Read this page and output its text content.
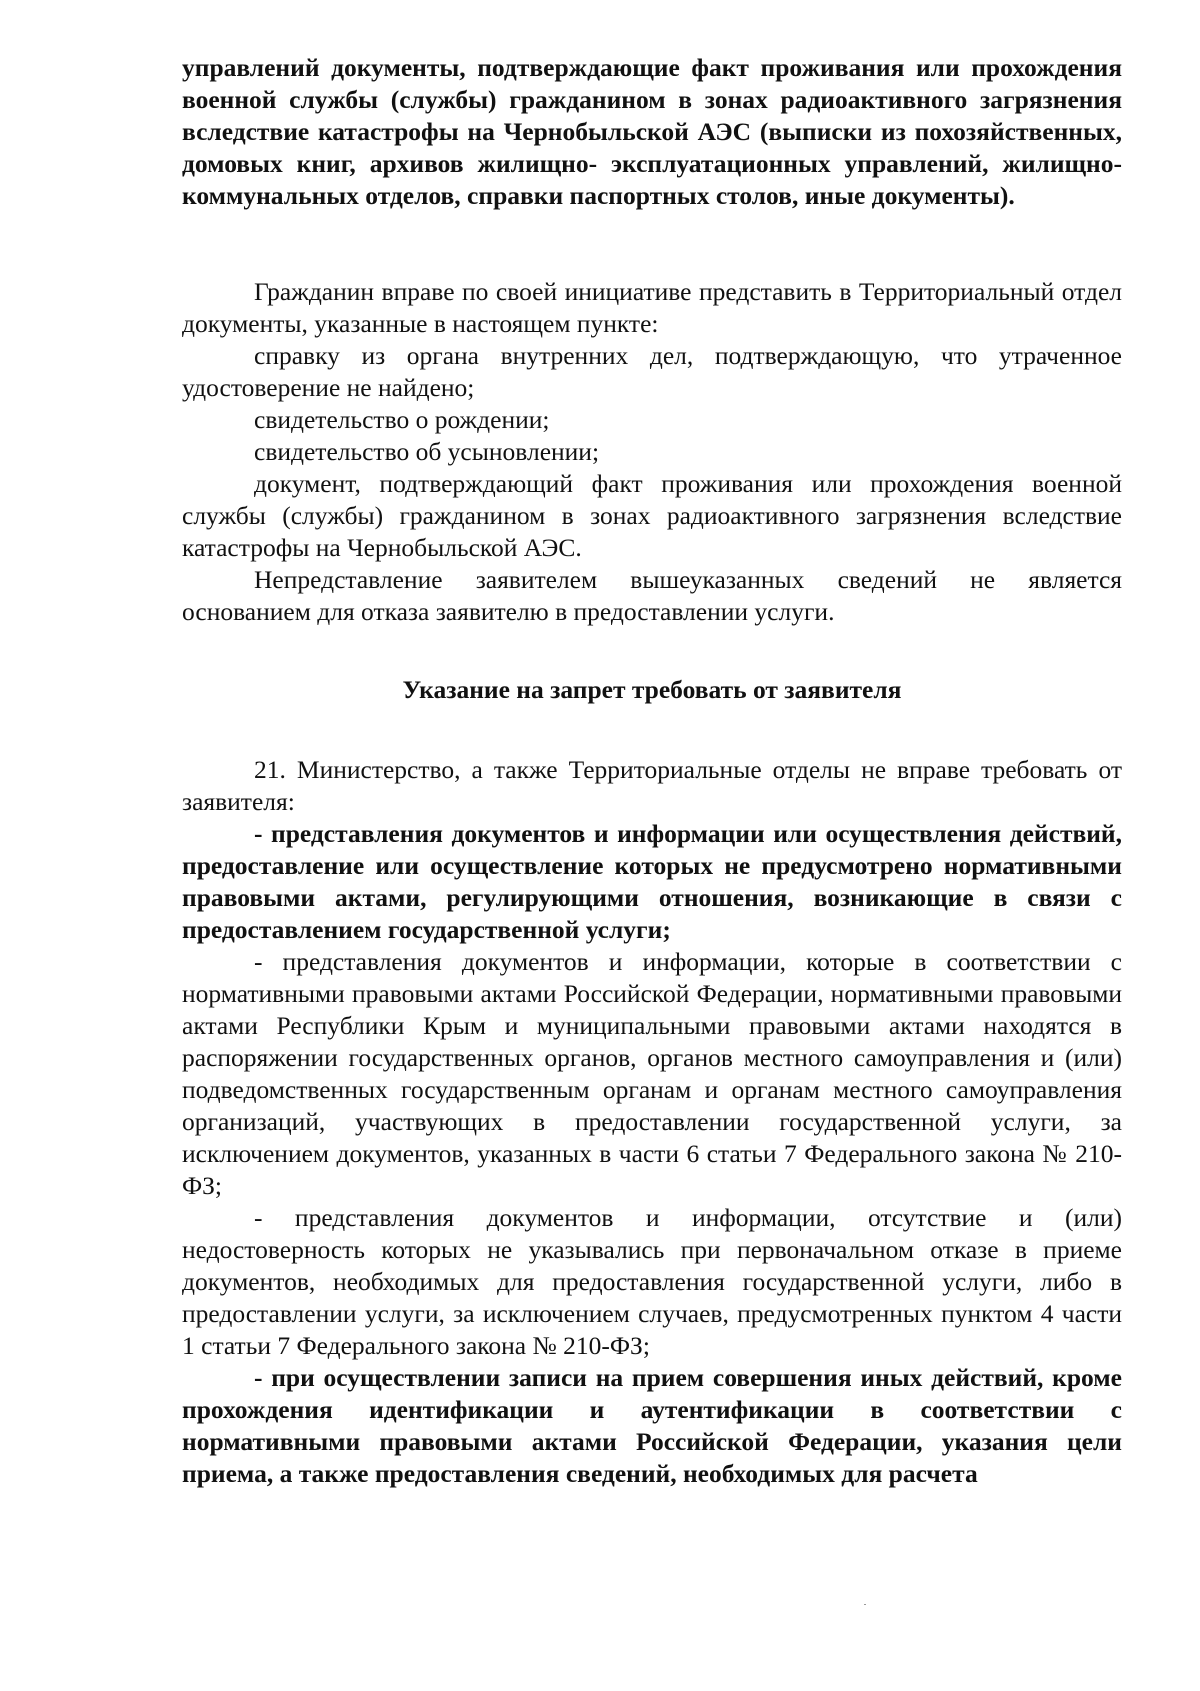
управлений документы, подтверждающие факт проживания или прохождения военной службы (службы) гражданином в зонах радиоактивного загрязнения вследствие катастрофы на Чернобыльской АЭС (выписки из похозяйственных, домовых книг, архивов жилищно- эксплуатационных управлений, жилищно-коммунальных отделов, справки паспортных столов, иные документы).

Гражданин вправе по своей инициативе представить в Территориальный отдел документы, указанные в настоящем пункте:

справку из органа внутренних дел, подтверждающую, что утраченное удостоверение не найдено;

свидетельство о рождении;

свидетельство об усыновлении;

документ, подтверждающий факт проживания или прохождения военной службы (службы) гражданином в зонах радиоактивного загрязнения вследствие катастрофы на Чернобыльской АЭС.

Непредставление заявителем вышеуказанных сведений не является основанием для отказа заявителю в предоставлении услуги.

Указание на запрет требовать от заявителя

21. Министерство, а также Территориальные отделы не вправе требовать от заявителя:

- представления документов и информации или осуществления действий, предоставление или осуществление которых не предусмотрено нормативными правовыми актами, регулирующими отношения, возникающие в связи с предоставлением государственной услуги;

- представления документов и информации, которые в соответствии с нормативными правовыми актами Российской Федерации, нормативными правовыми актами Республики Крым и муниципальными правовыми актами находятся в распоряжении государственных органов, органов местного самоуправления и (или) подведомственных государственным органам и органам местного самоуправления организаций, участвующих в предоставлении государственной услуги, за исключением документов, указанных в части 6 статьи 7 Федерального закона № 210-ФЗ;

- представления документов и информации, отсутствие и (или) недостоверность которых не указывались при первоначальном отказе в приеме документов, необходимых для предоставления государственной услуги, либо в предоставлении услуги, за исключением случаев, предусмотренных пунктом 4 части 1 статьи 7 Федерального закона № 210-ФЗ;

- при осуществлении записи на прием совершения иных действий, кроме прохождения идентификации и аутентификации в соответствии с нормативными правовыми актами Российской Федерации, указания цели приема, а также предоставления сведений, необходимых для расчета
